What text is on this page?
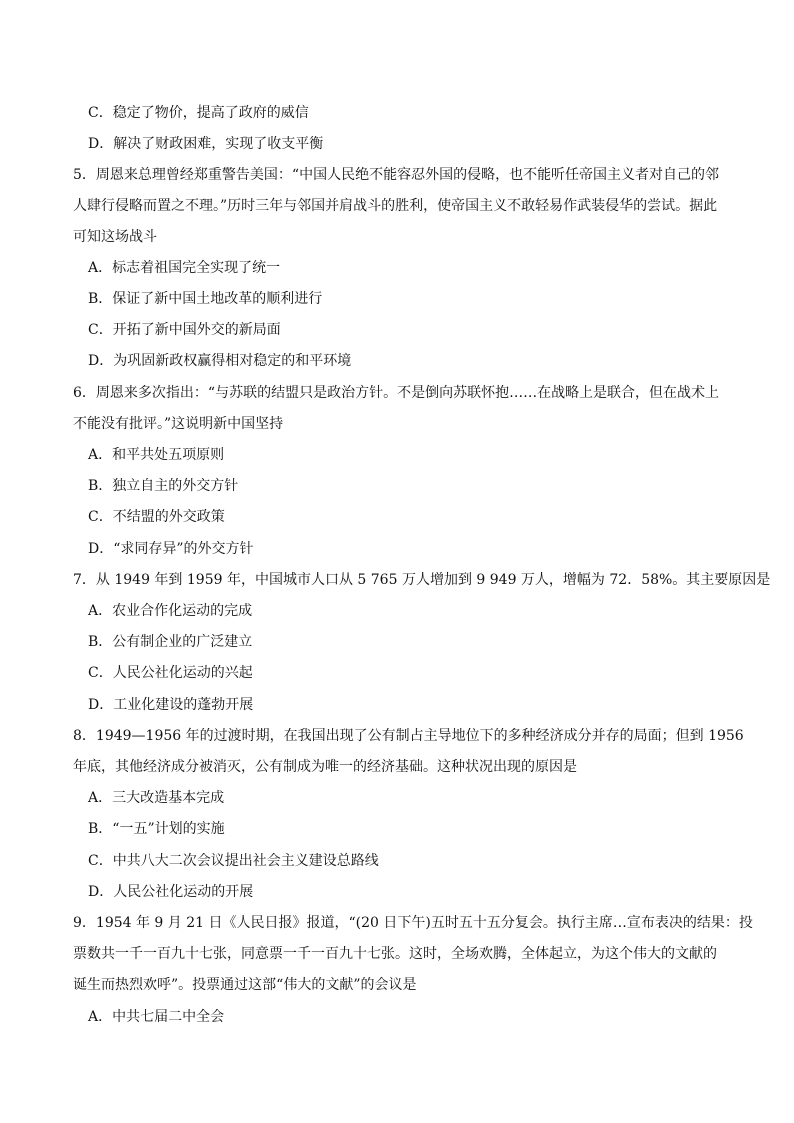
C．稳定了物价，提高了政府的威信
D．解决了财政困难，实现了收支平衡
5．周恩来总理曾经郑重警告美国：“中国人民绝不能容忍外国的侵略，也不能听任帝国主义者对自己的邻
人肆行侵略而置之不理。”历时三年与邻国并肩战斗的胜利，使帝国主义不敢轻易作武装侵华的尝试。据此
可知这场战斗
A．标志着祖国完全实现了统一
B．保证了新中国土地改革的顺利进行
C．开拓了新中国外交的新局面
D．为巩固新政权赢得相对稳定的和平环境
6．周恩来多次指出：“与苏联的结盟只是政治方针。不是倒向苏联怀抱……在战略上是联合，但在战术上
不能没有批评。”这说明新中国坚持
A．和平共处五项原则
B．独立自主的外交方针
C．不结盟的外交政策
D．“求同存异”的外交方针
7．从 1949 年到 1959 年，中国城市人口从 5 765 万人增加到 9 949 万人，增幅为 72．58%。其主要原因是
A．农业合作化运动的完成
B．公有制企业的广泛建立
C．人民公社化运动的兴起
D．工业化建设的蓬勃开展
8．1949—1956 年的过渡时期，在我国出现了公有制占主导地位下的多种经济成分并存的局面；但到 1956
年底，其他经济成分被消灭，公有制成为唯一的经济基础。这种状况出现的原因是
A．三大改造基本完成
B．“一五”计划的实施
C．中共八大二次会议提出社会主义建设总路线
D．人民公社化运动的开展
9．1954 年 9 月 21 日《人民日报》报道，“(20 日下午)五时五十五分复会。执行主席…宣布表决的结果：投
票数共一千一百九十七张，同意票一千一百九十七张。这时，全场欢腾，全体起立，为这个伟大的文献的
诞生而热烈欢呼”。投票通过这部“伟大的文献”的会议是
A．中共七届二中全会
